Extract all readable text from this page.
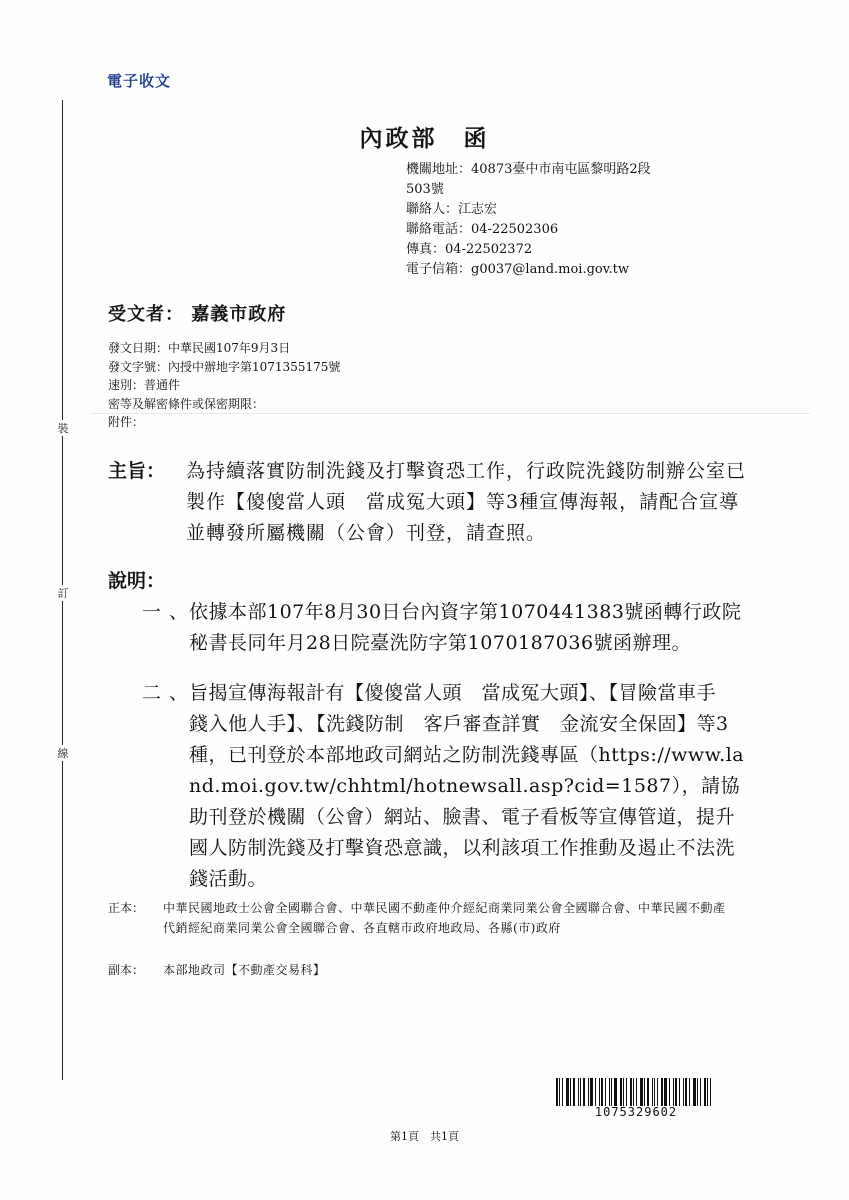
電子收文
裝
訂
線
內政部　函
機關地址：40873臺中市南屯區黎明路2段
503號
聯絡人：江志宏
聯絡電話：04-22502306
傳真：04-22502372
電子信箱：g0037@land.moi.gov.tw
受文者： 嘉義市政府
發文日期：中華民國107年9月3日
發文字號：內授中辦地字第1071355175號
速別：普通件
密等及解密條件或保密期限：
附件：
主旨： 為持續落實防制洗錢及打擊資恐工作，行政院洗錢防制辦公室已製作【傻傻當人頭　當成冤大頭】等3種宣傳海報，請配合宣導並轉發所屬機關（公會）刊登，請查照。
說明：
一、
依據本部107年8月30日台內資字第1070441383號函轉行政院秘書長同年月28日院臺洗防字第1070187036號函辦理。
二、
旨揭宣傳海報計有【傻傻當人頭　當成冤大頭】、【冒險當車手　錢入他人手】、【洗錢防制　客戶審查詳實　金流安全保固】等3種，已刊登於本部地政司網站之防制洗錢專區（https://www.land.moi.gov.tw/chhtml/hotnewsall.asp?cid=1587），請協助刊登於機關（公會）網站、臉書、電子看板等宣傳管道，提升國人防制洗錢及打擊資恐意識，以利該項工作推動及遏止不法洗錢活動。
正本： 中華民國地政士公會全國聯合會、中華民國不動產仲介經紀商業同業公會全國聯合會、中華民國不動產代銷經紀商業同業公會全國聯合會、各直轄市政府地政局、各縣(市)政府
副本： 本部地政司【不動產交易科】
1075329602
第1頁　共1頁
